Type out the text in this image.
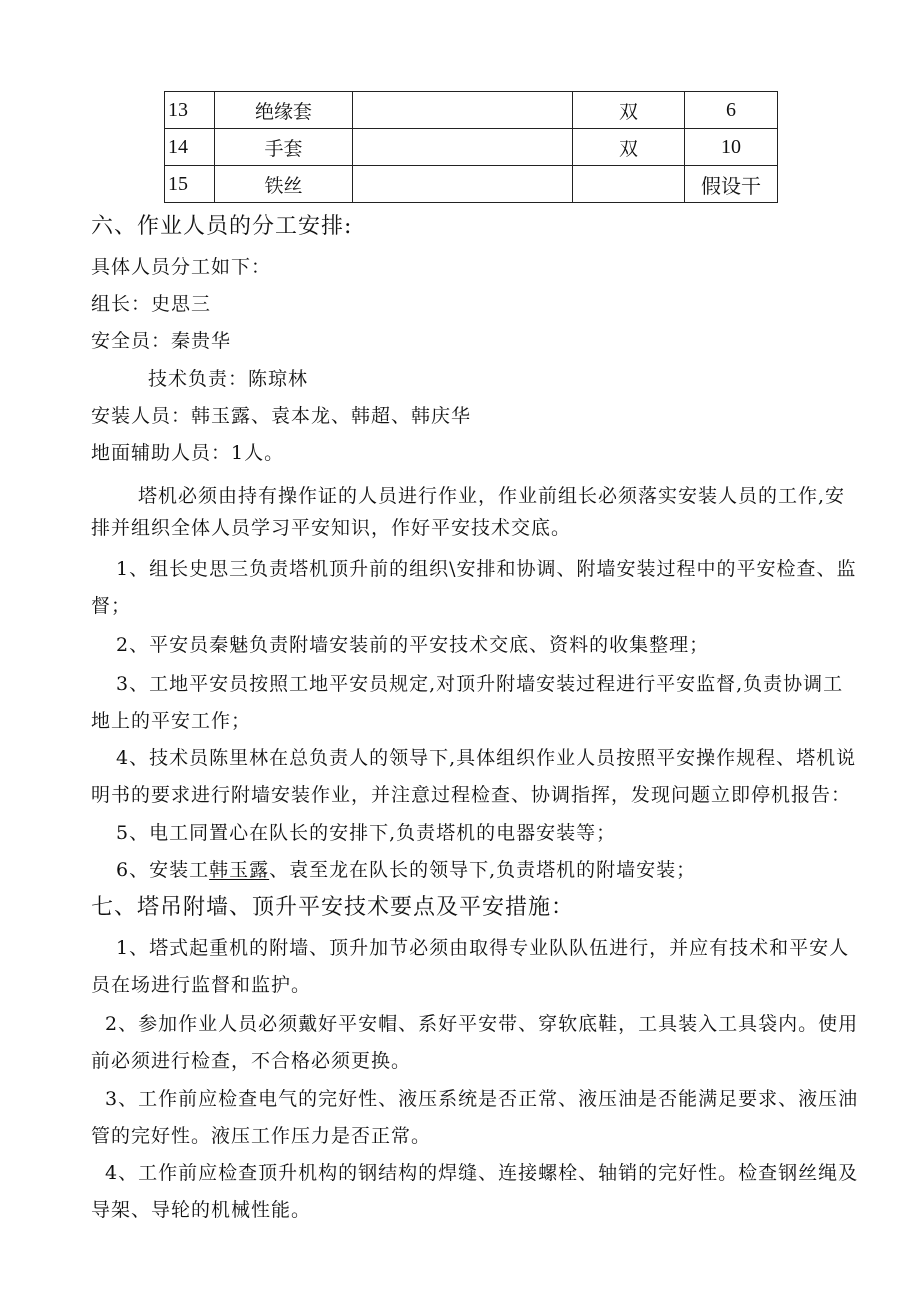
13	绝缘套		双	6
14	手套		双	10
15	铁丝			假设干
六、作业人员的分工安排:
具体人员分工如下：
组长：史思三
安全员：秦贵华
技术负责：陈琼林
安装人员：韩玉露、袁本龙、韩超、韩庆华
地面辅助人员：1人。
塔机必须由持有操作证的人员进行作业，作业前组长必须落实安装人员的工作,安
排并组织全体人员学习平安知识，作好平安技术交底。
1、组长史思三负责塔机顶升前的组织\安排和协调、附墙安装过程中的平安检查、监
督；
2、平安员秦魅负责附墙安装前的平安技术交底、资料的收集整理；
3、工地平安员按照工地平安员规定,对顶升附墙安装过程进行平安监督,负责协调工
地上的平安工作；
4、技术员陈里林在总负责人的领导下,具体组织作业人员按照平安操作规程、塔机说
明书的要求进行附墙安装作业，并注意过程检查、协调指挥，发现问题立即停机报告：
5、电工同置心在队长的安排下,负责塔机的电器安装等；
6、安装工韩玉露、袁至龙在队长的领导下,负责塔机的附墙安装；
七、塔吊附墙、顶升平安技术要点及平安措施：
1、塔式起重机的附墙、顶升加节必须由取得专业队队伍进行，并应有技术和平安人
员在场进行监督和监护。
2、参加作业人员必须戴好平安帽、系好平安带、穿软底鞋，工具装入工具袋内。使用
前必须进行检查，不合格必须更换。
3、工作前应检查电气的完好性、液压系统是否正常、液压油是否能满足要求、液压油
管的完好性。液压工作压力是否正常。
4、工作前应检查顶升机构的钢结构的焊缝、连接螺栓、轴销的完好性。检查钢丝绳及
导架、导轮的机械性能。
